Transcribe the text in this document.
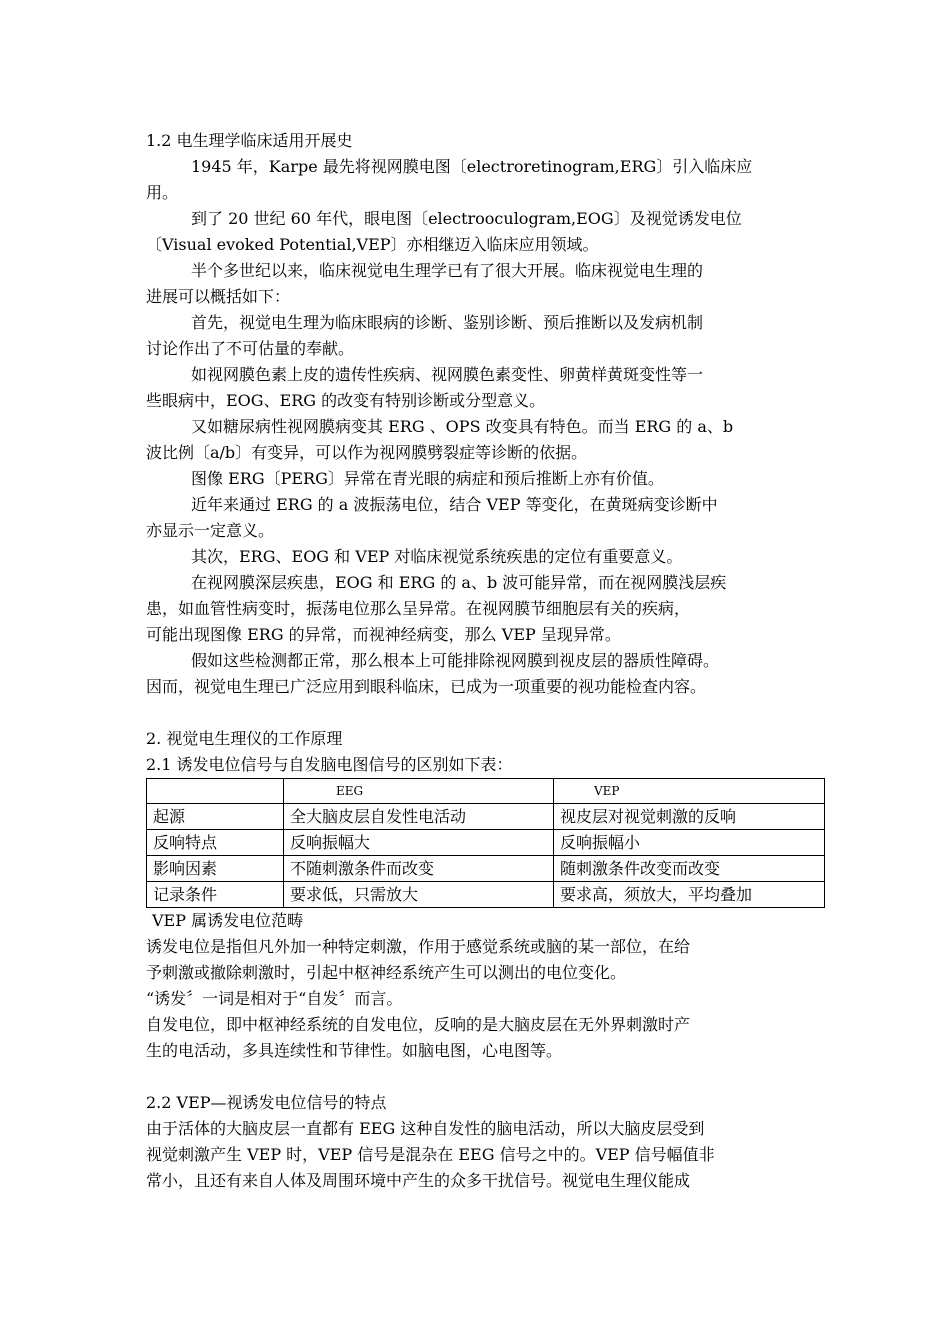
1.2 电生理学临床适用开展史
1945 年，Karpe 最先将视网膜电图〔electroretinogram,ERG〕引入临床应
用。
到了 20 世纪 60 年代，眼电图〔electrooculogram,EOG〕及视觉诱发电位
〔Visual evoked Potential,VEP〕亦相继迈入临床应用领域。
半个多世纪以来，临床视觉电生理学已有了很大开展。临床视觉电生理的
进展可以概括如下：
首先，视觉电生理为临床眼病的诊断、鉴别诊断、预后推断以及发病机制
讨论作出了不可估量的奉献。
如视网膜色素上皮的遗传性疾病、视网膜色素变性、卵黄样黄斑变性等一
些眼病中，EOG、ERG 的改变有特别诊断或分型意义。
又如糖尿病性视网膜病变其 ERG 、OPS 改变具有特色。而当 ERG 的 a、b
波比例〔a/b〕有变异，可以作为视网膜劈裂症等诊断的依据。
图像 ERG〔PERG〕异常在青光眼的病症和预后推断上亦有价值。
近年来通过 ERG 的 a 波振荡电位，结合 VEP 等变化，在黄斑病变诊断中
亦显示一定意义。
其次，ERG、EOG 和 VEP 对临床视觉系统疾患的定位有重要意义。
在视网膜深层疾患，EOG 和 ERG 的 a、b 波可能异常，而在视网膜浅层疾
患，如血管性病变时，振荡电位那么呈异常。在视网膜节细胞层有关的疾病，
可能出现图像 ERG 的异常，而视神经病变，那么 VEP 呈现异常。
假如这些检测都正常，那么根本上可能排除视网膜到视皮层的器质性障碍。
因而，视觉电生理已广泛应用到眼科临床，已成为一项重要的视功能检查内容。
2. 视觉电生理仪的工作原理
2.1 诱发电位信号与自发脑电图信号的区别如下表：
	EEG	VEP
起源	全大脑皮层自发性电活动	视皮层对视觉刺激的反响
反响特点	反响振幅大	反响振幅小
影响因素	不随刺激条件而改变	随刺激条件改变而改变
记录条件	要求低，只需放大	要求高，须放大，平均叠加
VEP 属诱发电位范畴
诱发电位是指但凡外加一种特定刺激，作用于感觉系统或脑的某一部位，在给
予刺激或撤除刺激时，引起中枢神经系统产生可以测出的电位变化。
“诱发〞一词是相对于“自发〞而言。
自发电位，即中枢神经系统的自发电位，反响的是大脑皮层在无外界刺激时产
生的电活动，多具连续性和节律性。如脑电图，心电图等。
2.2 VEP—视诱发电位信号的特点
由于活体的大脑皮层一直都有 EEG 这种自发性的脑电活动，所以大脑皮层受到
视觉刺激产生 VEP 时，VEP 信号是混杂在 EEG 信号之中的。VEP 信号幅值非
常小，且还有来自人体及周围环境中产生的众多干扰信号。视觉电生理仪能成
